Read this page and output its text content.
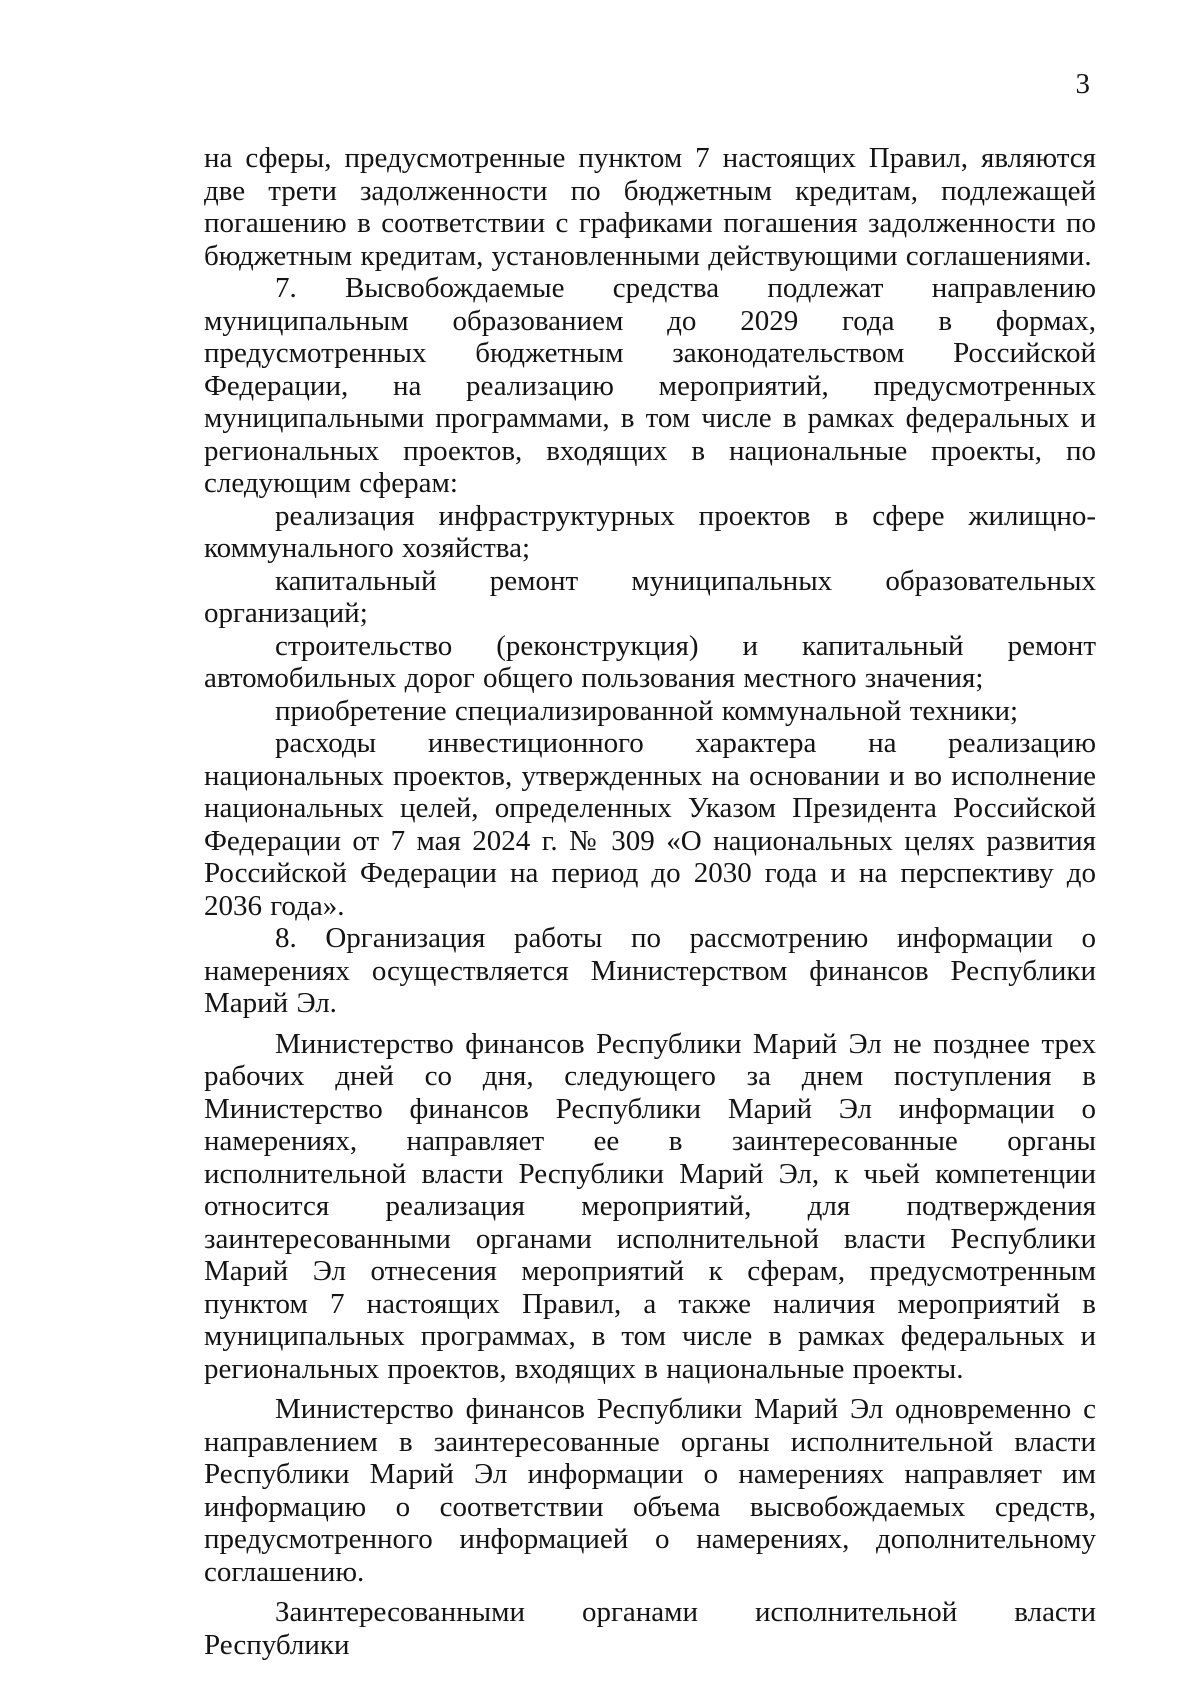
3

на сферы, предусмотренные пунктом 7 настоящих Правил, являются две трети задолженности по бюджетным кредитам, подлежащей погашению в соответствии с графиками погашения задолженности по бюджетным кредитам, установленными действующими соглашениями.

7. Высвобождаемые средства подлежат направлению муниципальным образованием до 2029 года в формах, предусмотренных бюджетным законодательством Российской Федерации, на реализацию мероприятий, предусмотренных муниципальными программами, в том числе в рамках федеральных и региональных проектов, входящих в национальные проекты, по следующим сферам:

реализация инфраструктурных проектов в сфере жилищно-коммунального хозяйства;

капитальный ремонт муниципальных образовательных организаций;

строительство (реконструкция) и капитальный ремонт автомобильных дорог общего пользования местного значения;

приобретение специализированной коммунальной техники;

расходы инвестиционного характера на реализацию национальных проектов, утвержденных на основании и во исполнение национальных целей, определенных Указом Президента Российской Федерации от 7 мая 2024 г. № 309 «О национальных целях развития Российской Федерации на период до 2030 года и на перспективу до 2036 года».

8. Организация работы по рассмотрению информации о намерениях осуществляется Министерством финансов Республики Марий Эл.

Министерство финансов Республики Марий Эл не позднее трех рабочих дней со дня, следующего за днем поступления в Министерство финансов Республики Марий Эл информации о намерениях, направляет ее в заинтересованные органы исполнительной власти Республики Марий Эл, к чьей компетенции относится реализация мероприятий, для подтверждения заинтересованными органами исполнительной власти Республики Марий Эл отнесения мероприятий к сферам, предусмотренным пунктом 7 настоящих Правил, а также наличия мероприятий в муниципальных программах, в том числе в рамках федеральных и региональных проектов, входящих в национальные проекты.

Министерство финансов Республики Марий Эл одновременно с направлением в заинтересованные органы исполнительной власти Республики Марий Эл информации о намерениях направляет им информацию о соответствии объема высвобождаемых средств, предусмотренного информацией о намерениях, дополнительному соглашению.

Заинтересованными органами исполнительной власти Республики
